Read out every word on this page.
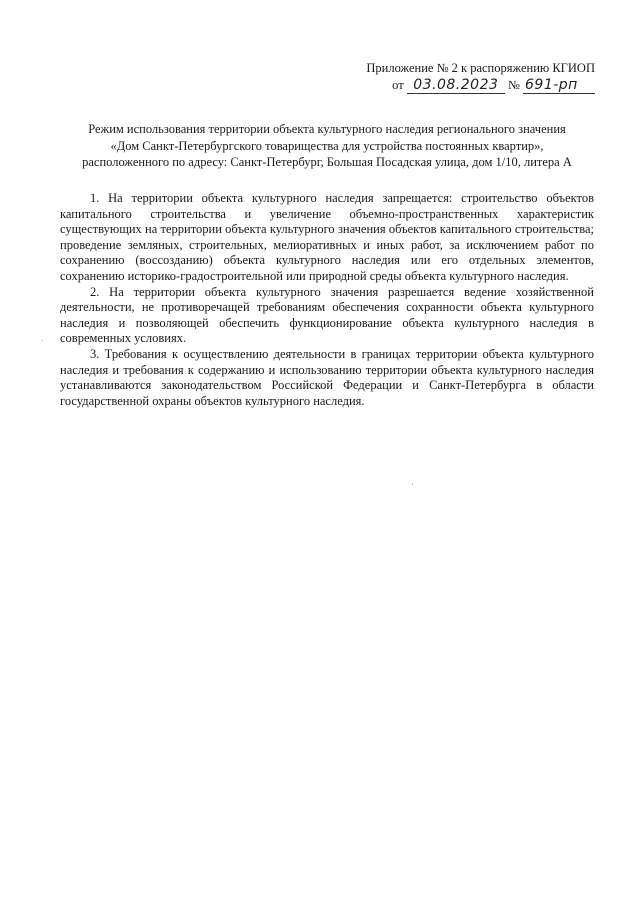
Приложение № 2 к распоряжению КГИОП
от 03.08.2023 № 691-рп
Режим использования территории объекта культурного наследия регионального значения
«Дом Санкт-Петербургского товарищества для устройства постоянных квартир»,
расположенного по адресу: Санкт-Петербург, Большая Посадская улица, дом 1/10, литера А

1. На территории объекта культурного наследия запрещается: строительство объектов капитального строительства и увеличение объемно-пространственных характеристик существующих на территории объекта культурного значения объектов капитального строительства; проведение земляных, строительных, мелиоративных и иных работ, за исключением работ по сохранению (воссозданию) объекта культурного наследия или его отдельных элементов, сохранению историко-градостроительной или природной среды объекта культурного наследия.

2. На территории объекта культурного значения разрешается ведение хозяйственной деятельности, не противоречащей требованиям обеспечения сохранности объекта культурного наследия и позволяющей обеспечить функционирование объекта культурного наследия в современных условиях.

3. Требования к осуществлению деятельности в границах территории объекта культурного наследия и требования к содержанию и использованию территории объекта культурного наследия устанавливаются законодательством Российской Федерации и Санкт-Петербурга в области государственной охраны объектов культурного наследия.
